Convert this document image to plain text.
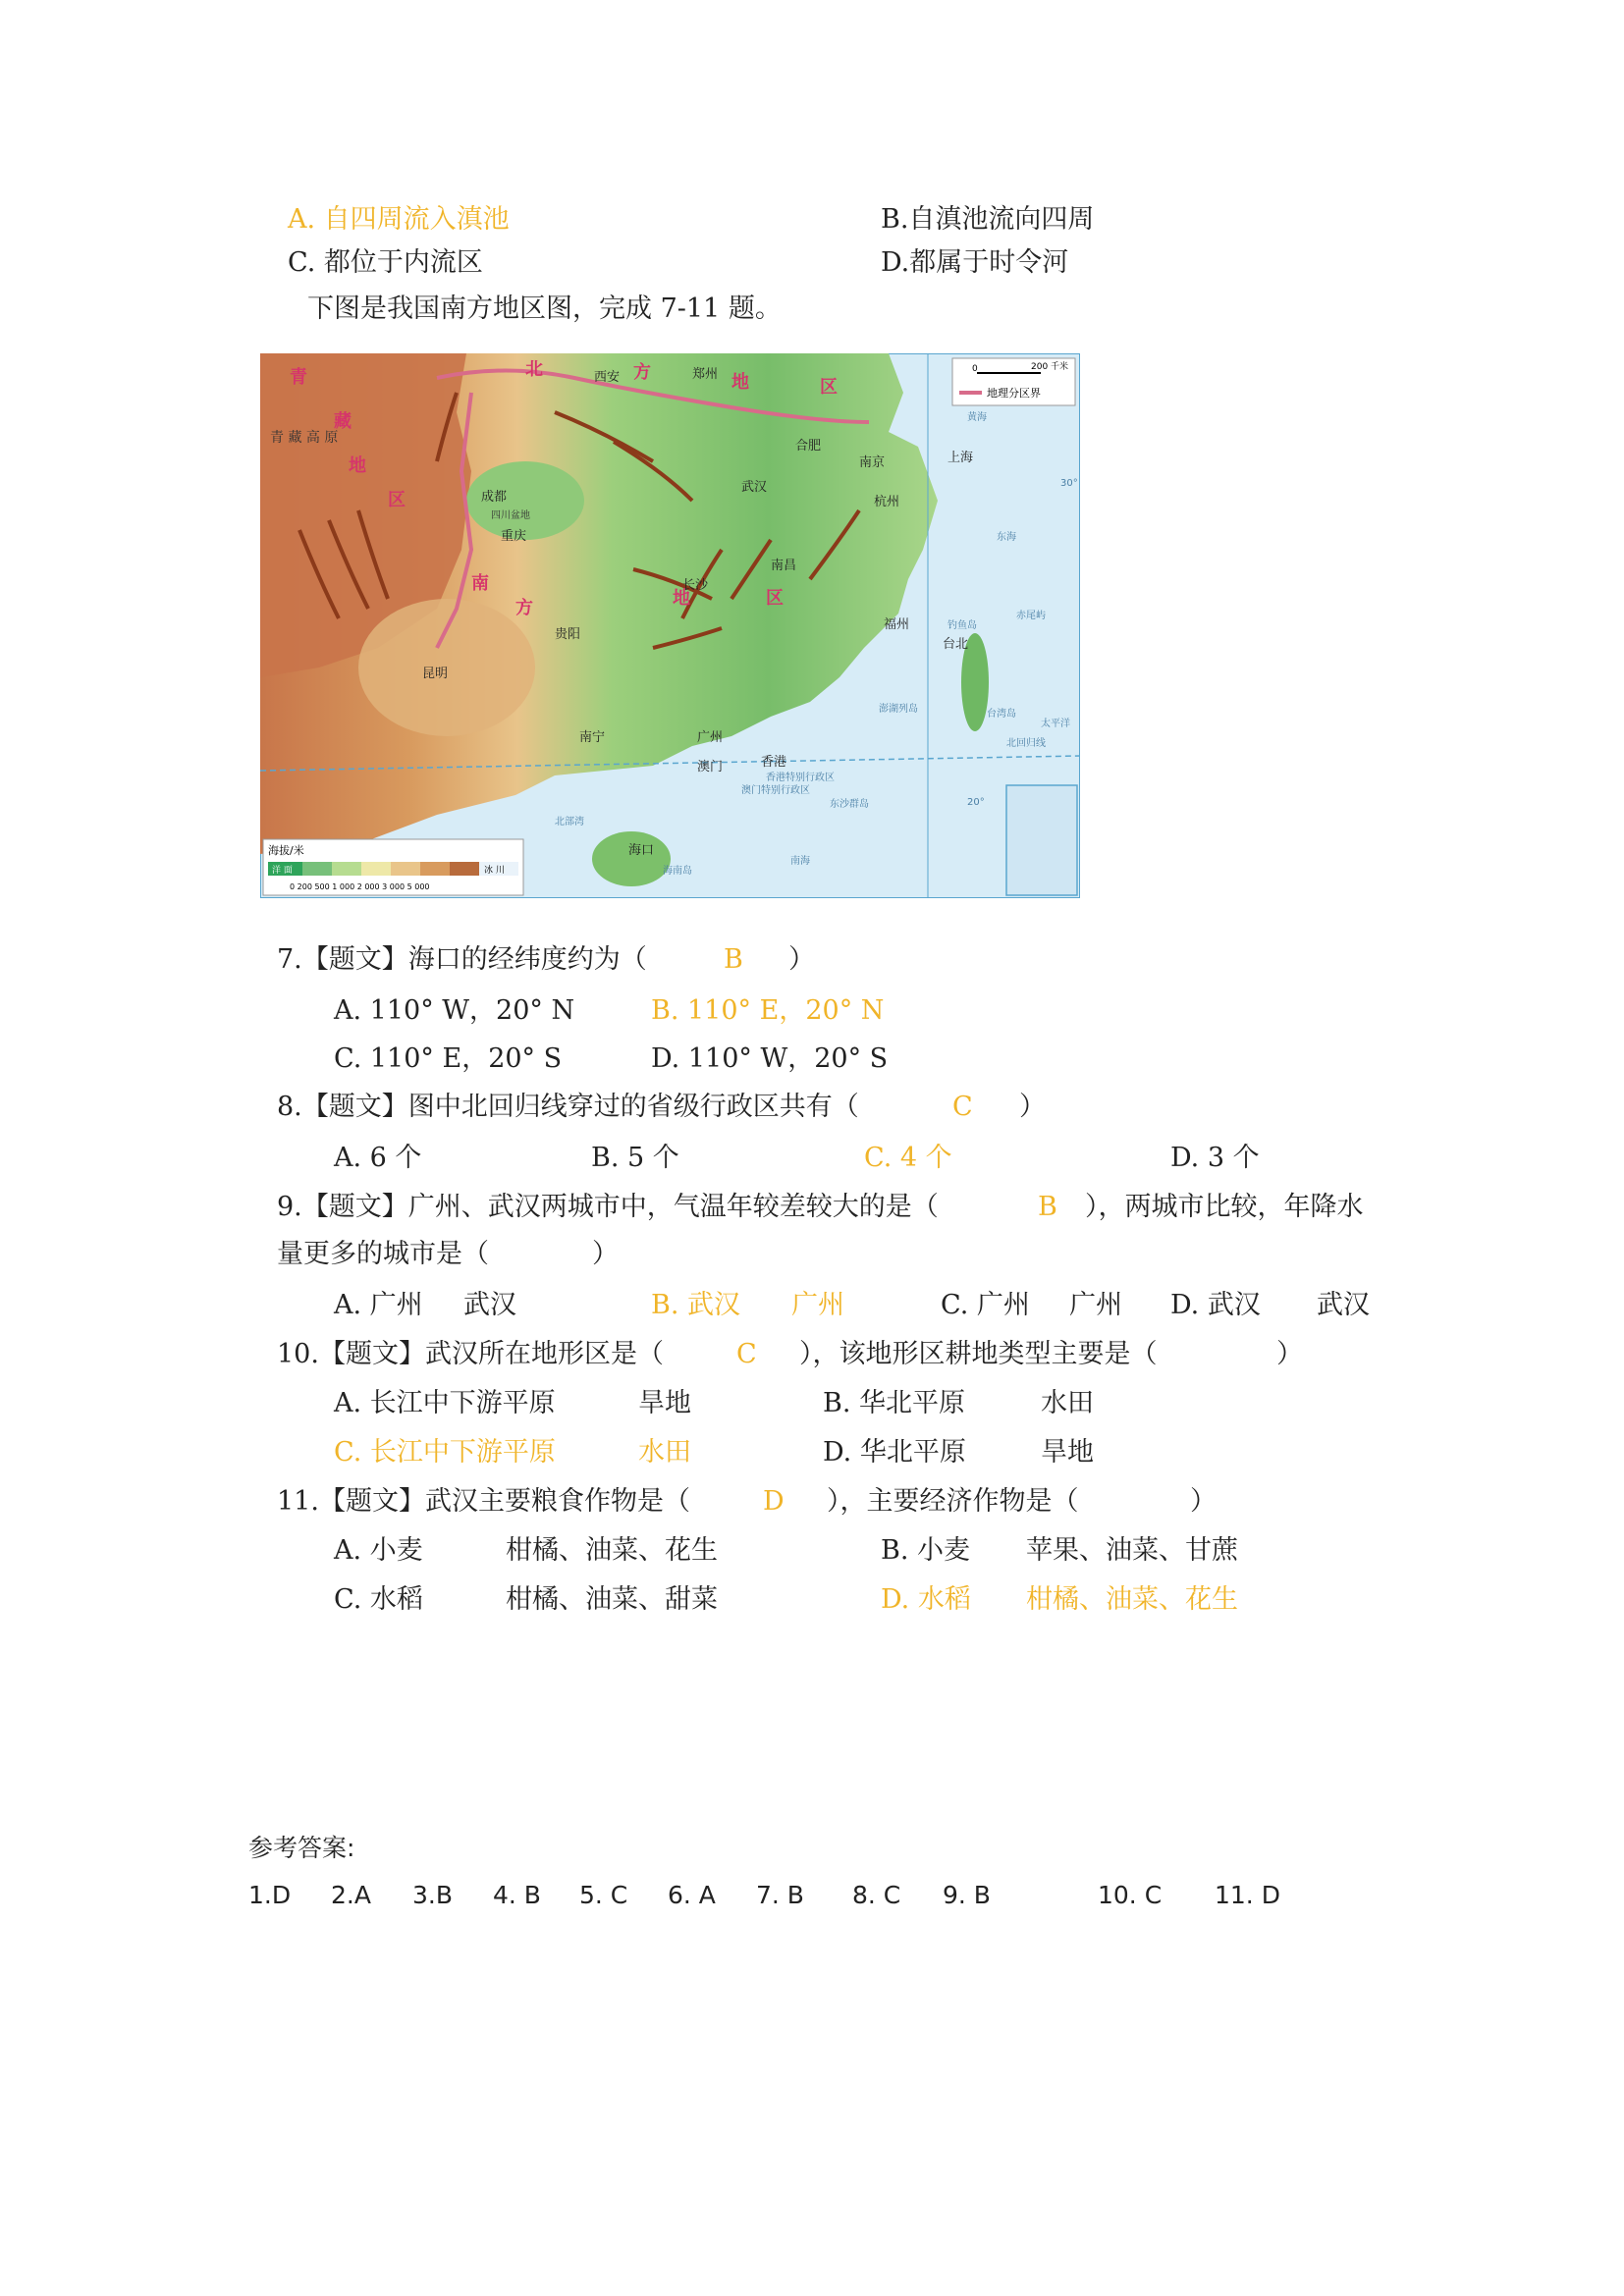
A. 自四周流入滇池	B.自滇池流向四周
C. 都位于内流区	D.都属于时令河
下图是我国南方地区图，完成 7-11 题。
0	200 千米
地理分区界
海拔/米
洋 面	冰 川
0 200 500 1 000 2 000 3 000 5 000
青
藏
地
区
北	方	地	区
南
方	地	区
青 藏 高 原
西安	郑州
合肥
南京	上海
杭州
成都
重庆
武汉
南昌
长沙
福州
贵阳
昆明
南宁	广州
香港
澳门
台北
海口
四川盆地
黄海
东海
台湾岛
澎湖列岛
钓鱼岛
赤尾屿
太平洋
海南岛
香港特别行政区
澳门特别行政区
东沙群岛
北部湾
南海
北回归线
30°
20°
7.【题文】海口的经纬度约为（	B ）
A. 110° W，20° N	B. 110° E，20° N
C. 110° E，20° S	D. 110° W，20° S
8.【题文】图中北回归线穿过的省级行政区共有（	C ）
A. 6 个	B. 5 个	C. 4 个	D. 3 个
9.【题文】广州、武汉两城市中，气温年较差较大的是（	B ），两城市比较，年降水
量更多的城市是（	）
A. 广州 武汉	B. 武汉 广州	C. 广州 广州 D. 武汉 武汉
10.【题文】武汉所在地形区是（	C ），该地形区耕地类型主要是（	）
A. 长江中下游平原	旱地	B. 华北平原	水田
C. 长江中下游平原	水田	D. 华北平原	旱地
11.【题文】武汉主要粮食作物是（	D ），主要经济作物是（	）
A. 小麦	柑橘、油菜、花生	B. 小麦 苹果、油菜、甘蔗
C. 水稻	柑橘、油菜、甜菜	D. 水稻 柑橘、油菜、花生
参考答案:
1.D 2.A 3.B 4. B 5. C 6. A 7. B 8. C 9. B	10. C 11. D
